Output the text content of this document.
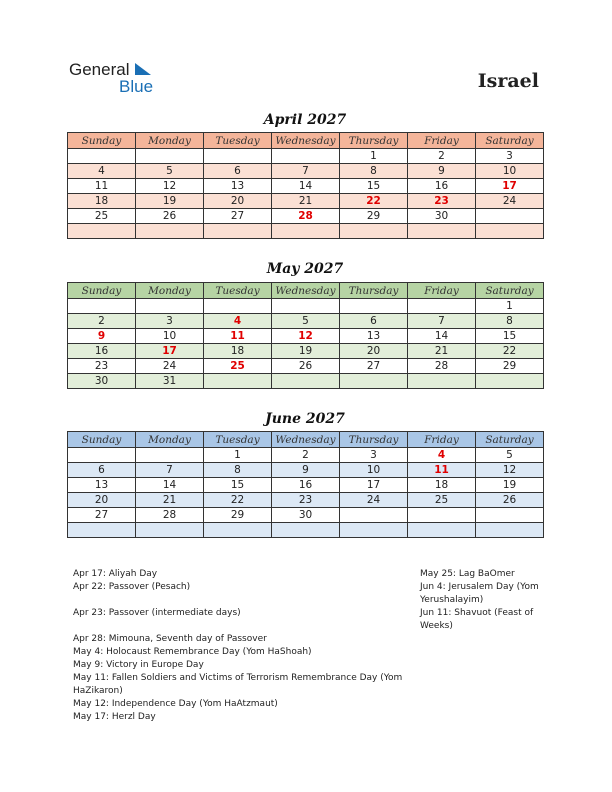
General
Blue	Israel
April 2027
Sunday	Monday	Tuesday	Wednesday	Thursday	Friday	Saturday
				1	2	3
4	5	6	7	8	9	10
11	12	13	14	15	16	17
18	19	20	21	22	23	24
25	26	27	28	29	30	

May 2027
Sunday	Monday	Tuesday	Wednesday	Thursday	Friday	Saturday
						1
2	3	4	5	6	7	8
9	10	11	12	13	14	15
16	17	18	19	20	21	22
23	24	25	26	27	28	29
30	31					
June 2027
Sunday	Monday	Tuesday	Wednesday	Thursday	Friday	Saturday
		1	2	3	4	5
6	7	8	9	10	11	12
13	14	15	16	17	18	19
20	21	22	23	24	25	26
27	28	29	30			

Apr 17: Aliyah Day
Apr 22: Passover (Pesach)
Apr 23: Passover (intermediate days)
Apr 28: Mimouna, Seventh day of Passover
May 4: Holocaust Remembrance Day (Yom HaShoah)
May 9: Victory in Europe Day
May 11: Fallen Soldiers and Victims of Terrorism Remembrance Day (Yom HaZikaron)
May 12: Independence Day (Yom HaAtzmaut)
May 17: Herzl Day
May 25: Lag BaOmer
Jun 4: Jerusalem Day (Yom Yerushalayim)
Jun 11: Shavuot (Feast of Weeks)
